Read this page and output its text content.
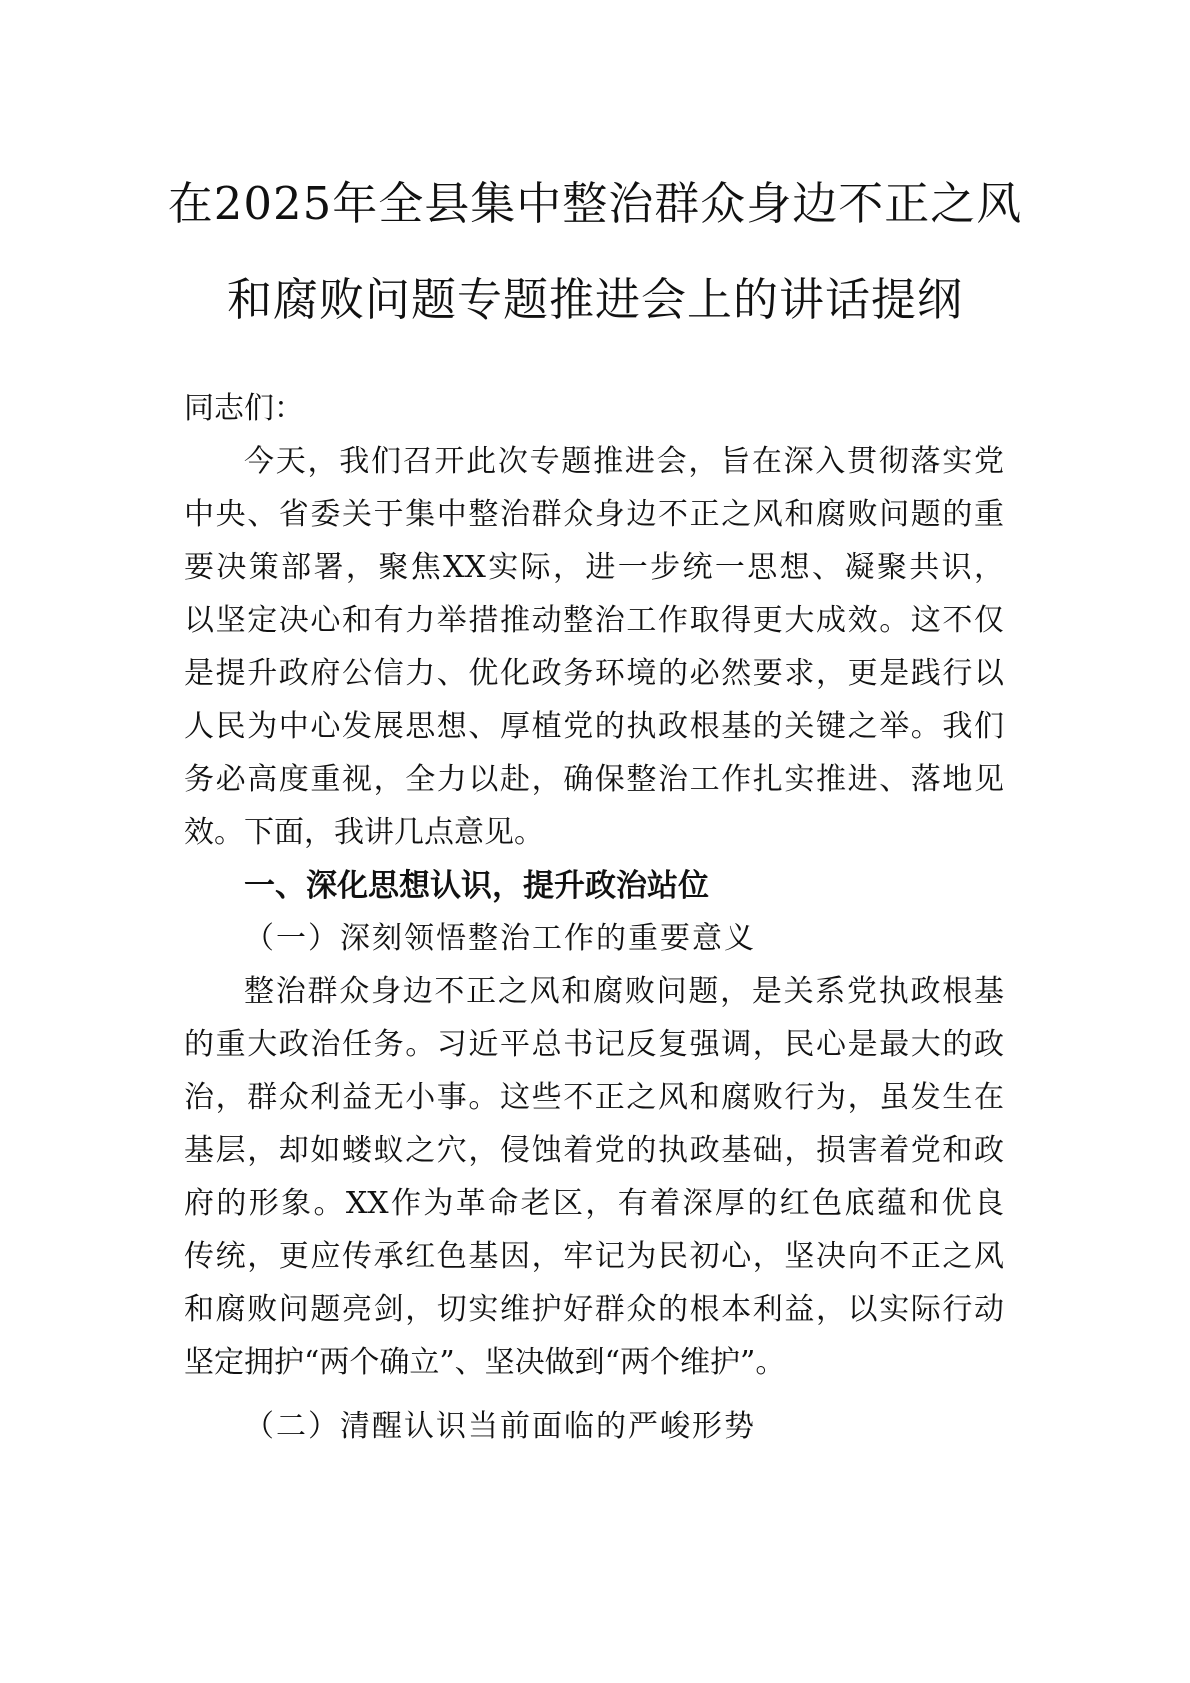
在2025年全县集中整治群众身边不正之风
和腐败问题专题推进会上的讲话提纲
同志们：
今天，我们召开此次专题推进会，旨在深入贯彻落实党
中央、省委关于集中整治群众身边不正之风和腐败问题的重
要决策部署，聚焦XX实际，进一步统一思想、凝聚共识，
以坚定决心和有力举措推动整治工作取得更大成效。这不仅
是提升政府公信力、优化政务环境的必然要求，更是践行以
人民为中心发展思想、厚植党的执政根基的关键之举。我们
务必高度重视，全力以赴，确保整治工作扎实推进、落地见
效。下面，我讲几点意见。
一、深化思想认识，提升政治站位
（一）深刻领悟整治工作的重要意义
整治群众身边不正之风和腐败问题，是关系党执政根基
的重大政治任务。习近平总书记反复强调，民心是最大的政
治，群众利益无小事。这些不正之风和腐败行为，虽发生在
基层，却如蝼蚁之穴，侵蚀着党的执政基础，损害着党和政
府的形象。XX作为革命老区，有着深厚的红色底蕴和优良
传统，更应传承红色基因，牢记为民初心，坚决向不正之风
和腐败问题亮剑，切实维护好群众的根本利益，以实际行动
坚定拥护“两个确立”、坚决做到“两个维护”。
（二）清醒认识当前面临的严峻形势
